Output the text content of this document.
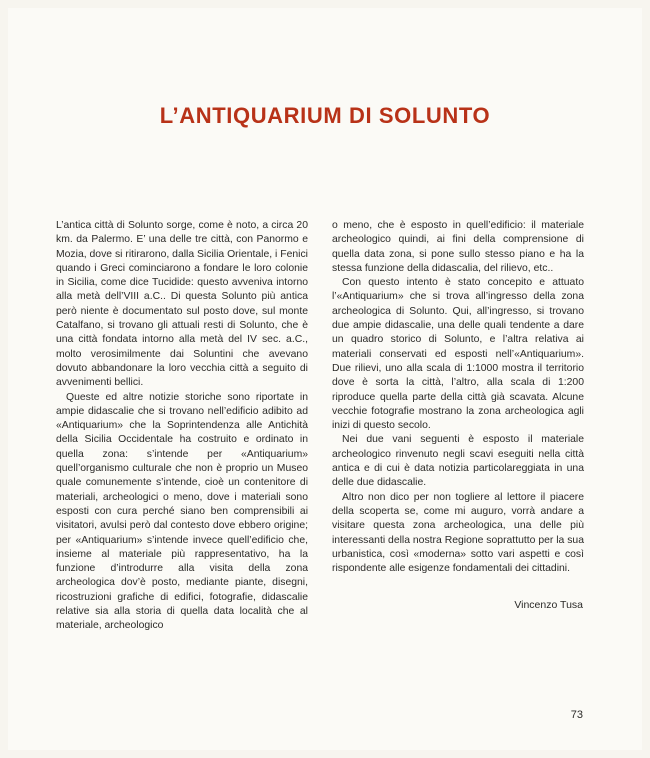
L’ANTIQUARIUM DI SOLUNTO

L’antica città di Solunto sorge, come è noto, a circa 20 km. da Palermo. E’ una delle tre città, con Panormo e Mozia, dove si ritirarono, dalla Sicilia Orientale, i Fenici quando i Greci cominciarono a fondare le loro colonie in Sicilia, come dice Tucidide: questo avveniva intorno alla metà dell’VIII a.C.. Di questa Solunto più antica però niente è documentato sul posto dove, sul monte Catalfano, si trovano gli attuali resti di Solunto, che è una città fondata intorno alla metà del IV sec. a.C., molto verosimilmente dai Soluntini che avevano dovuto abbandonare la loro vecchia città a seguito di avvenimenti bellici.

Queste ed altre notizie storiche sono riportate in ampie didascalie che si trovano nell’edificio adibito ad «Antiquarium» che la Soprintendenza alle Antichità della Sicilia Occidentale ha costruito e ordinato in quella zona: s’intende per «Antiquarium» quell’organismo culturale che non è proprio un Museo quale comunemente s’intende, cioè un contenitore di materiali, archeologici o meno, dove i materiali sono esposti con cura perché siano ben comprensibili ai visitatori, avulsi però dal contesto dove ebbero origine; per «Antiquarium» s’intende invece quell’edificio che, insieme al materiale più rappresentativo, ha la funzione d’introdurre alla visita della zona archeologica dov’è posto, mediante piante, disegni, ricostruzioni grafiche di edifici, fotografie, didascalie relative sia alla storia di quella data località che al materiale, archeologico

o meno, che è esposto in quell’edificio: il materiale archeologico quindi, ai fini della comprensione di quella data zona, si pone sullo stesso piano e ha la stessa funzione della didascalia, del rilievo, etc..

Con questo intento è stato concepito e attuato l’«Antiquarium» che si trova all’ingresso della zona archeologica di Solunto. Qui, all’ingresso, si trovano due ampie didascalie, una delle quali tendente a dare un quadro storico di Solunto, e l’altra relativa ai materiali conservati ed esposti nell’«Antiquarium». Due rilievi, uno alla scala di 1:1000 mostra il territorio dove è sorta la città, l’altro, alla scala di 1:200 riproduce quella parte della città già scavata. Alcune vecchie fotografie mostrano la zona archeologica agli inizi di questo secolo.

Nei due vani seguenti è esposto il materiale archeologico rinvenuto negli scavi eseguiti nella città antica e di cui è data notizia particolareggiata in una delle due didascalie.

Altro non dico per non togliere al lettore il piacere della scoperta se, come mi auguro, vorrà andare a visitare questa zona archeologica, una delle più interessanti della nostra Regione soprattutto per la sua urbanistica, così «moderna» sotto vari aspetti e così rispondente alle esigenze fondamentali dei cittadini.

Vincenzo Tusa
73
